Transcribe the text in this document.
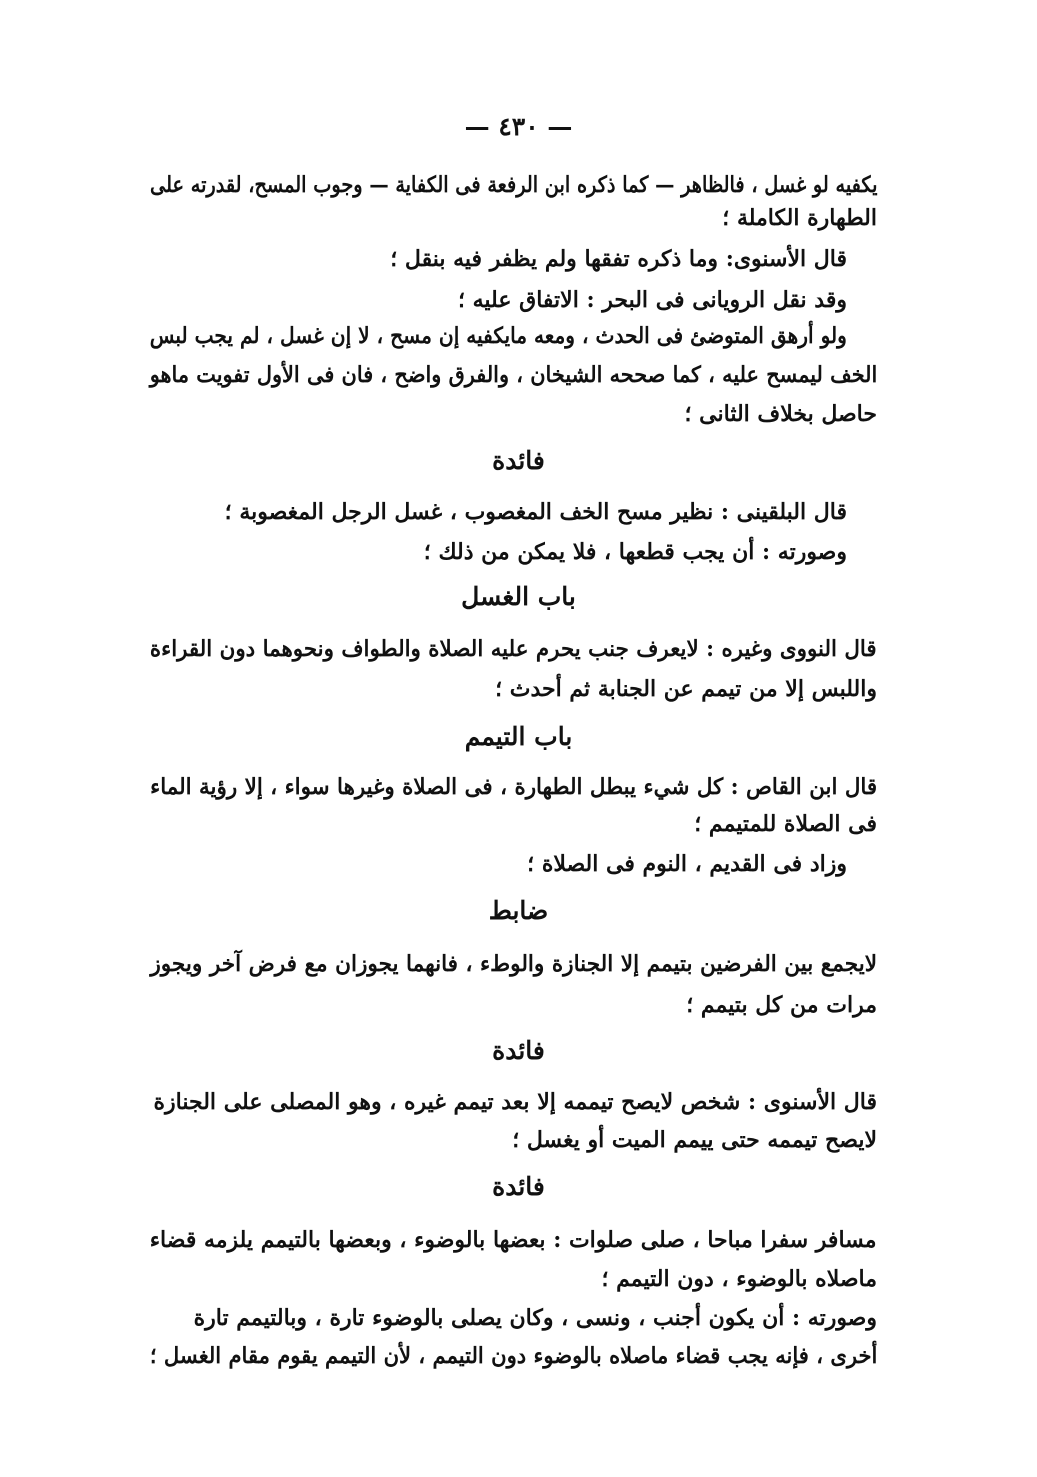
— ٤٣٠ —
يكفيه لو غسل ، فالظاهر — كما ذكره ابن الرفعة فى الكفاية — وجوب المسح، لقدرته على
الطهارة الكاملة ؛
قال الأسنوى: وما ذكره تفقها ولم يظفر فيه بنقل ؛
وقد نقل الرويانى فى البحر : الاتفاق عليه ؛
ولو أرهق المتوضئ فى الحدث ، ومعه مايكفيه إن مسح ، لا إن غسل ، لم يجب لبس
الخف ليمسح عليه ، كما صححه الشيخان ، والفرق واضح ، فان فى الأول تفويت ماهو
حاصل بخلاف الثانى ؛
فائدة
قال البلقينى : نظير مسح الخف المغصوب ، غسل الرجل المغصوبة ؛
وصورته : أن يجب قطعها ، فلا يمكن من ذلك ؛
باب الغسل
قال النووى وغيره : لايعرف جنب يحرم عليه الصلاة والطواف ونحوهما دون القراءة
واللبس إلا من تيمم عن الجنابة ثم أحدث ؛
باب التيمم
قال ابن القاص : كل شيء يبطل الطهارة ، فى الصلاة وغيرها سواء ، إلا رؤية الماء
فى الصلاة للمتيمم ؛
وزاد فى القديم ، النوم فى الصلاة ؛
ضابط
لايجمع بين الفرضين بتيمم إلا الجنازة والوطء ، فانهما يجوزان مع فرض آخر ويجوز
مرات من كل بتيمم ؛
فائدة
قال الأسنوى : شخص لايصح تيممه إلا بعد تيمم غيره ، وهو المصلى على الجنازة
لايصح تيممه حتى ييمم الميت أو يغسل ؛
فائدة
مسافر سفرا مباحا ، صلى صلوات : بعضها بالوضوء ، وبعضها بالتيمم يلزمه قضاء
ماصلاه بالوضوء ، دون التيمم ؛
وصورته : أن يكون أجنب ، ونسى ، وكان يصلى بالوضوء تارة ، وبالتيمم تارة
أخرى ، فإنه يجب قضاء ماصلاه بالوضوء دون التيمم ، لأن التيمم يقوم مقام الغسل ؛
